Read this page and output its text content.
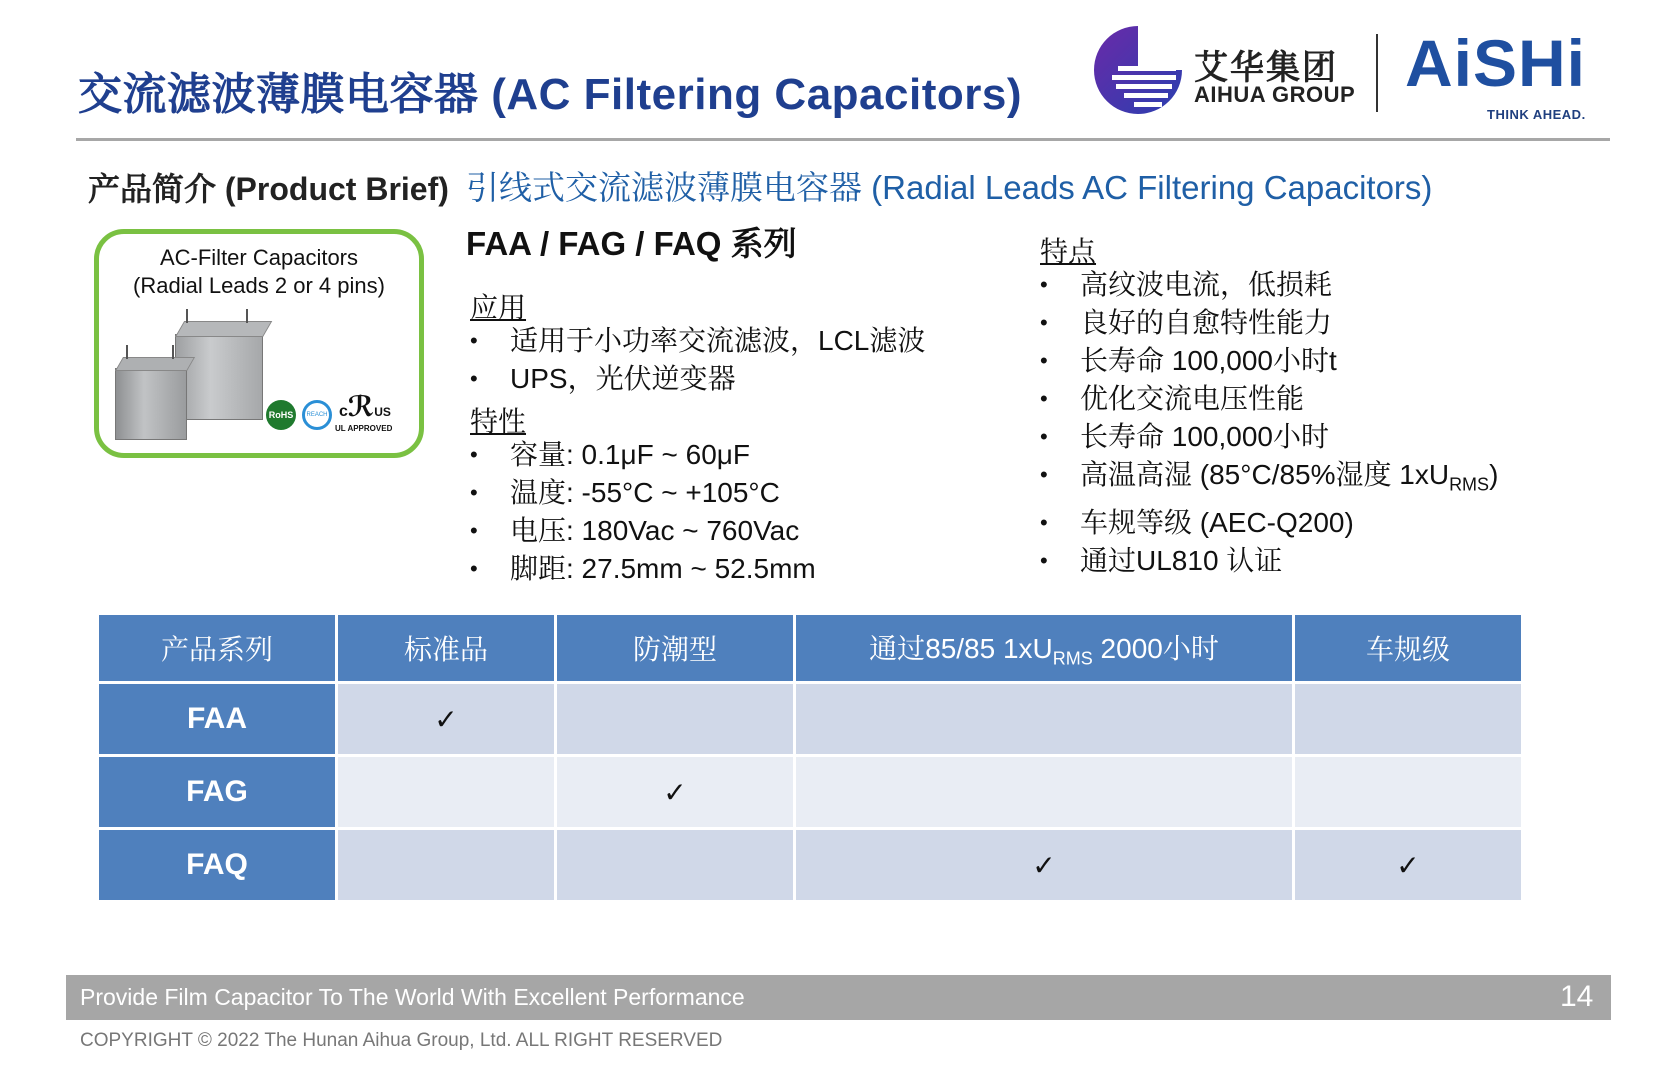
交流滤波薄膜电容器 (AC Filtering Capacitors)
艾华集团
AIHUA GROUP AiSHi
THINK AHEAD.
产品简介 (Product Brief) 引线式交流滤波薄膜电容器 (Radial Leads AC Filtering Capacitors)
AC-Filter Capacitors
(Radial Leads 2 or 4 pins)
RoHS	REACH cℛUS
UL APPROVED
FAA / FAG / FAQ 系列
应用
• 适用于小功率交流滤波，LCL滤波
• UPS，光伏逆变器
特性
• 容量: 0.1μF ~ 60μF
• 温度: -55°C ~ +105°C
• 电压: 180Vac ~ 760Vac
• 脚距: 27.5mm ~ 52.5mm
特点
• 高纹波电流，低损耗
• 良好的自愈特性能力
• 长寿命 100,000小时t
• 优化交流电压性能
• 长寿命 100,000小时
• 高温高湿 (85°C/85%湿度 $1xU_{RMS}$)
• 车规等级 (AEC-Q200)
• 通过UL810 认证
产品系列	标准品	防潮型	通过85/85 $1xU_{RMS}$ 2000小时	车规级
FAA	✓			
FAG		✓		
FAQ			✓	✓
Provide Film Capacitor To The World With Excellent Performance	14
COPYRIGHT © 2022 The Hunan Aihua Group, Ltd. ALL RIGHT RESERVED
